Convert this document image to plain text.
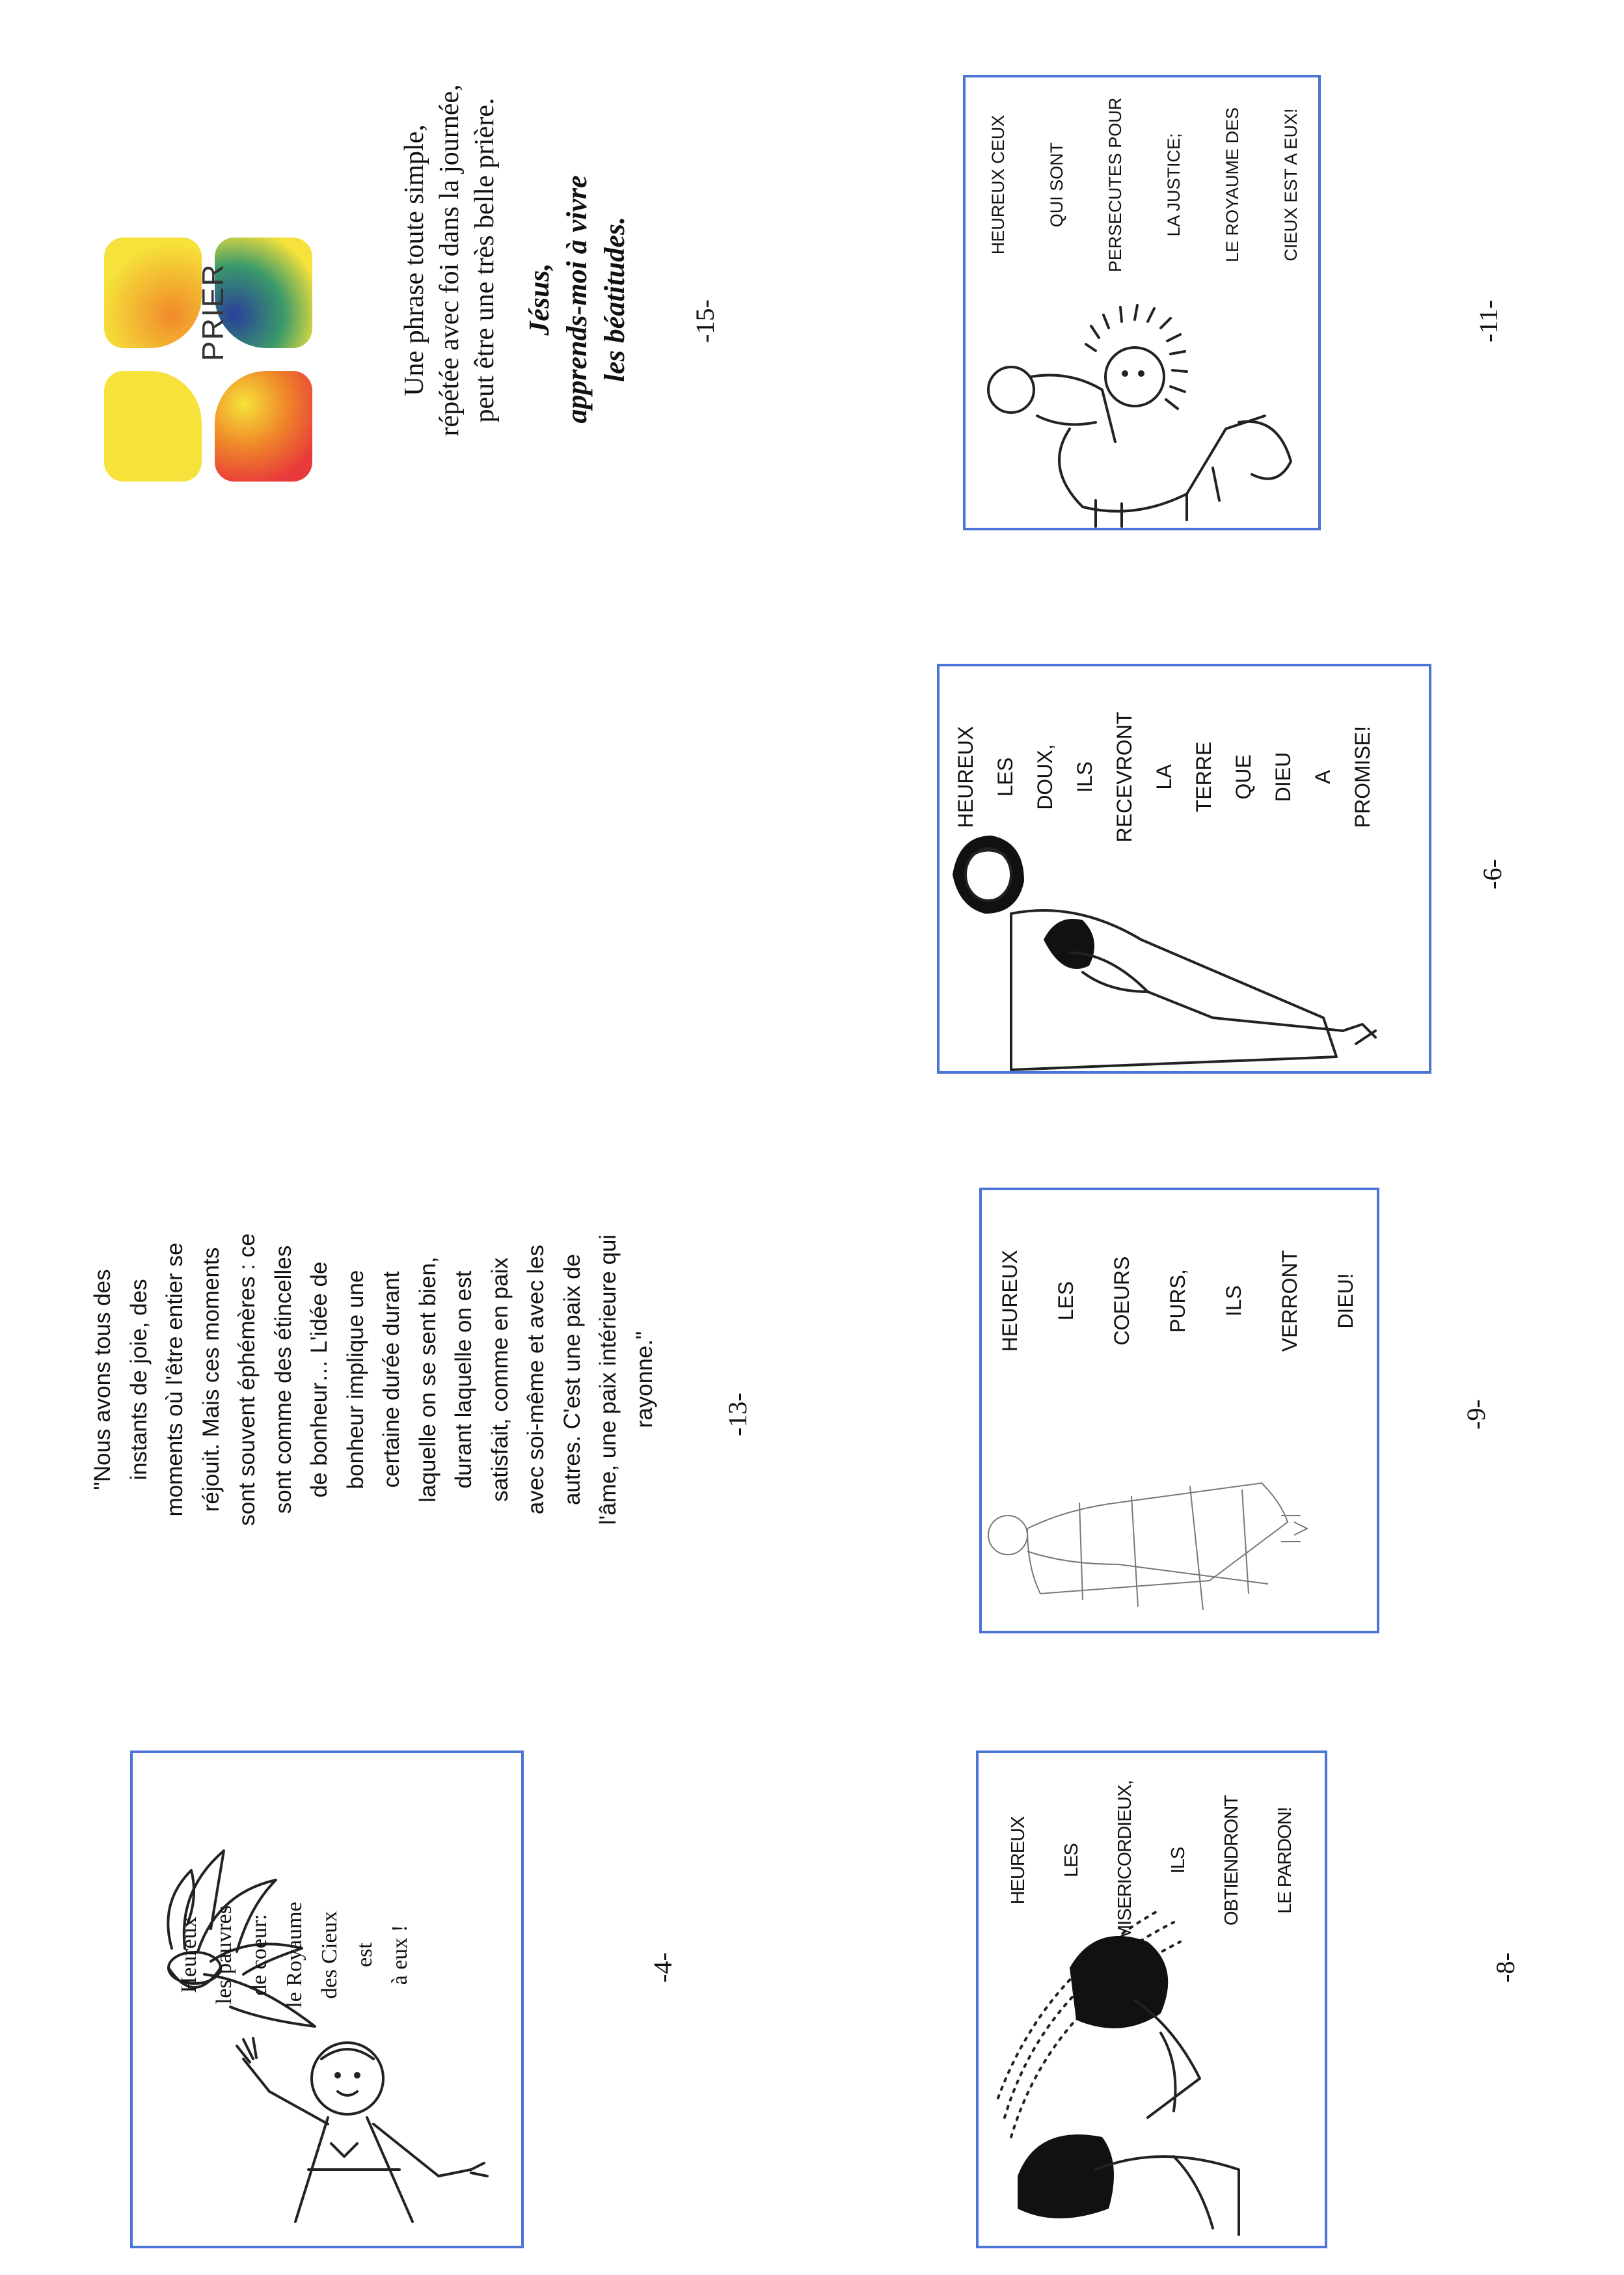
Heureux les pauvres de coeur: le Royaume des Cieux est à eux !	-4-
HEUREUX	LES	MISERICORDIEUX,	ILS	OBTIENDRONT	LE PARDON!
-8-
"Nous avons tous des instants de joie, des moments où l'être entier se réjouit. Mais ces moments sont souvent éphémères : ce sont comme des étincelles de bonheur… L'idée de bonheur implique une certaine durée durant laquelle on se sent bien, durant laquelle on est satisfait, comme en paix avec soi-même et avec les autres. C'est une paix de l'âme, une paix intérieure qui rayonne."	-13-
HEUREUX	LES	COEURS	PURS,	ILS	VERRONT	DIEU!
-9-
HEUREUX LES DOUX, ILS RECEVRONT LA TERRE QUE DIEU A PROMISE!
-6-
PRIER	Une phrase toute simple, répétée avec foi dans la journée, peut être une très belle prière. Jésus, apprends-moi à vivre les béatitudes. -15-
HEUREUX CEUX	QUI SONT	PERSECUTES POUR	LA JUSTICE;	LE ROYAUME DES	CIEUX EST A EUX!
-11-
